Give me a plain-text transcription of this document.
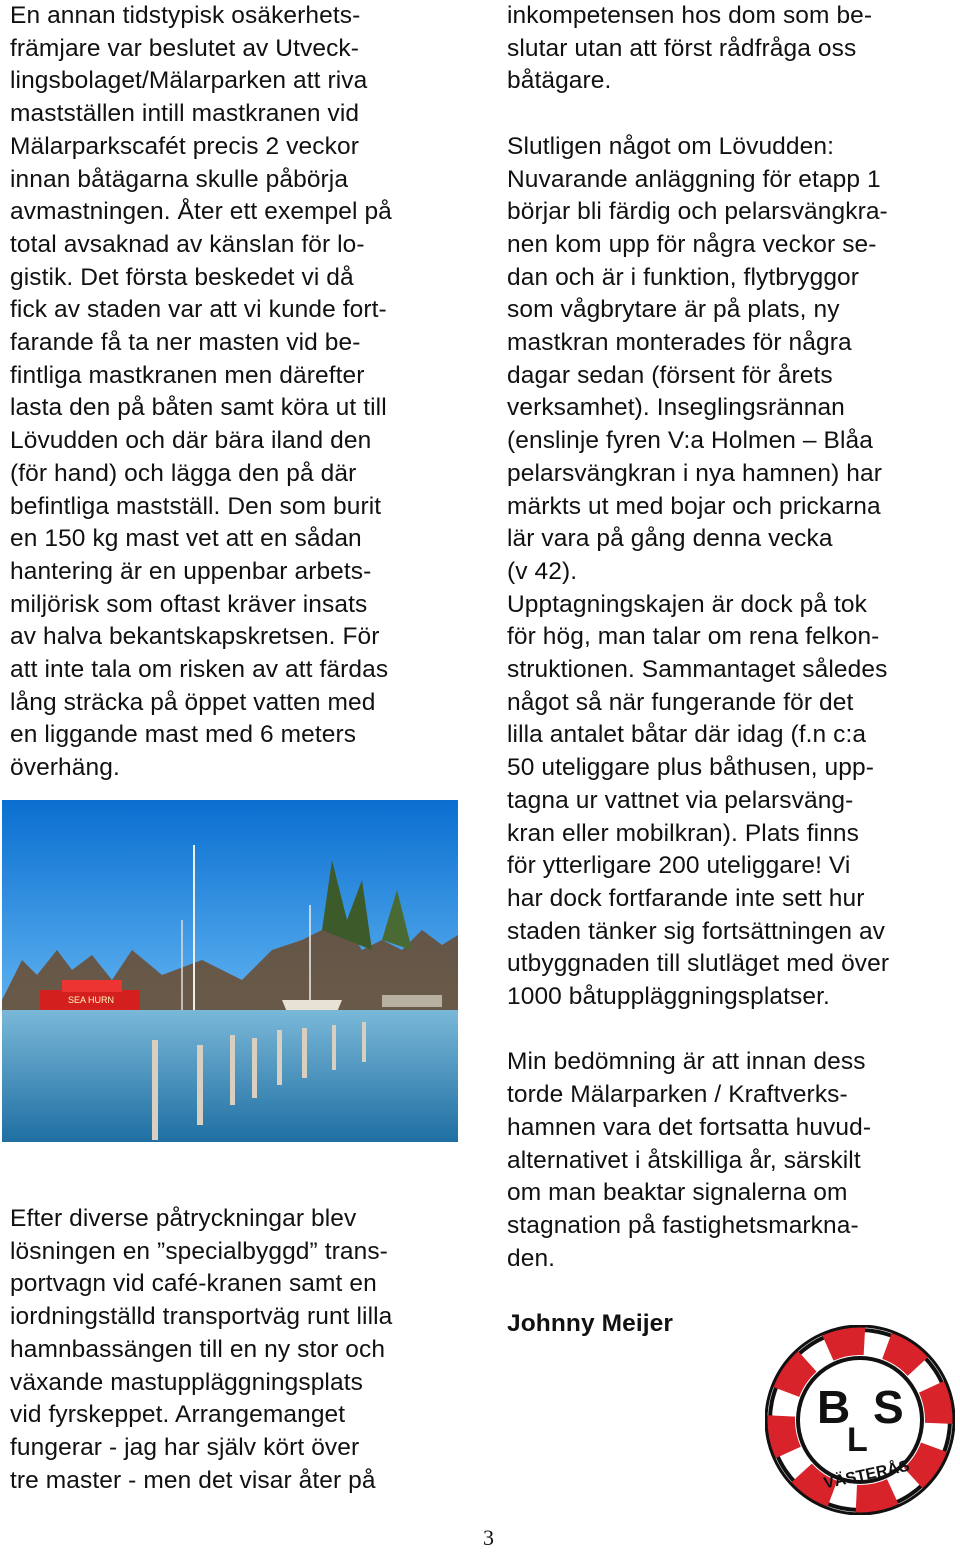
En annan tidstypisk osäkerhets-
främjare var beslutet av Utveck-
lingsbolaget/Mälarparken att riva
mastställen intill mastkranen vid
Mälarparkscafét precis 2 veckor
innan båtägarna skulle påbörja
avmastningen. Åter ett exempel på
total avsaknad av känslan för lo-
gistik. Det första beskedet vi då
fick av staden var att vi kunde fort-
farande få ta ner masten vid be-
fintliga mastkranen men därefter
lasta den på båten samt köra ut till
Lövudden och där bära iland den
(för hand) och lägga den på där
befintliga mastställ. Den som burit
en 150 kg mast vet att en sådan
hantering är en uppenbar arbets-
miljörisk som oftast kräver insats
av halva bekantskapskretsen. För
att inte tala om risken av att färdas
lång sträcka på öppet vatten med
en liggande mast med 6 meters
överhäng.
SEA HURN
Efter diverse påtryckningar blev
lösningen en ”specialbyggd” trans-
portvagn vid café-kranen samt en
iordningställd transportväg runt lilla
hamnbassängen till en ny stor och
växande mastuppläggningsplats
vid fyrskeppet. Arrangemanget
fungerar - jag har själv kört över
tre master - men det visar åter på
inkompetensen hos dom som be-
slutar utan att först rådfråga oss
båtägare.
Slutligen något om Lövudden:
Nuvarande anläggning för etapp 1
börjar bli färdig och pelarsvängkra-
nen kom upp för några veckor se-
dan och är i funktion, flytbryggor
som vågbrytare är på plats, ny
mastkran monterades för några
dagar sedan (försent för årets
verksamhet). Inseglingsrännan
(enslinje fyren V:a Holmen – Blåa
pelarsvängkran i nya hamnen) har
märkts ut med bojar och prickarna
lär vara på gång denna vecka
(v 42).
Upptagningskajen är dock på tok
för hög, man talar om rena felkon-
struktionen. Sammantaget således
något så när fungerande för det
lilla antalet båtar där idag (f.n c:a
50 uteliggare plus båthusen, upp-
tagna ur vattnet via pelarsväng-
kran eller mobilkran). Plats finns
för ytterligare 200 uteliggare! Vi
har dock fortfarande inte sett hur
staden tänker sig fortsättningen av
utbyggnaden till slutläget med över
1000 båtuppläggningsplatser.
Min bedömning är att innan dess
torde Mälarparken / Kraftverks-
hamnen vara det fortsatta huvud-
alternativet i åtskilliga år, särskilt
om man beaktar signalerna om
stagnation på fastighetsmarkna-
den.
Johnny Meijer
B S
L
VÄSTERÅS
3
